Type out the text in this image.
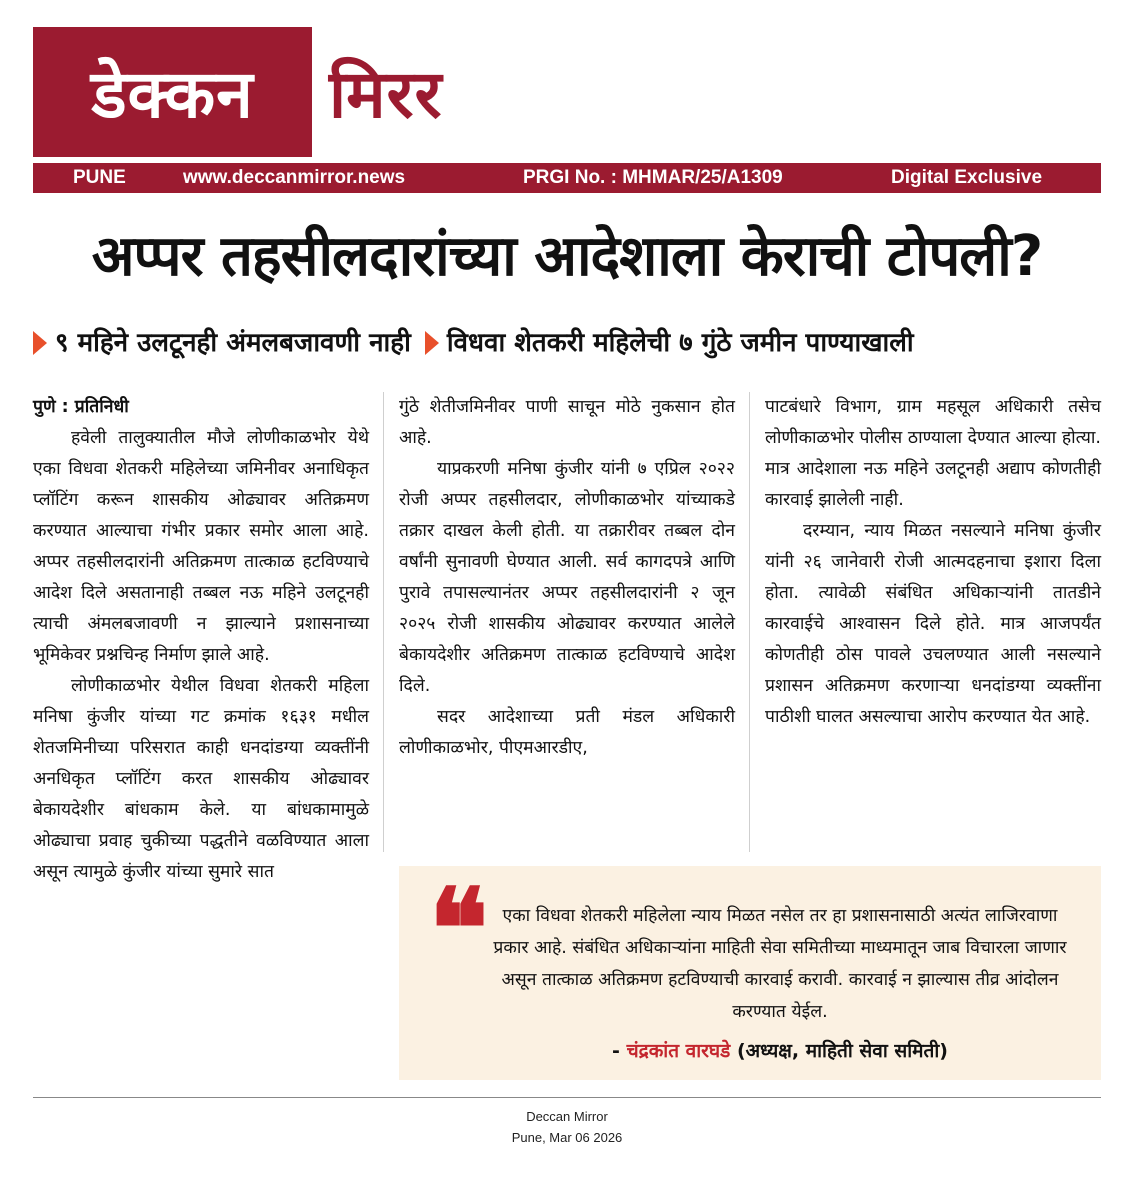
डेक्कन मिरर
PUNE	www.deccanmirror.news	PRGI No. : MHMAR/25/A1309	Digital Exclusive
अप्पर तहसीलदारांच्या आदेशाला केराची टोपली?
९ महिने उलटूनही अंमलबजावणी नाही विधवा शेतकरी महिलेची ७ गुंठे जमीन पाण्याखाली

पुणे : प्रतिनिधी

हवेली तालुक्यातील मौजे लोणीकाळभोर येथे एका विधवा शेतकरी महिलेच्या जमिनीवर अनाधिकृत प्लॉटिंग करून शासकीय ओढ्यावर अतिक्रमण करण्यात आल्याचा गंभीर प्रकार समोर आला आहे. अप्पर तहसीलदारांनी अतिक्रमण तात्काळ हटविण्याचे आदेश दिले असतानाही तब्बल नऊ महिने उलटूनही त्याची अंमलबजावणी न झाल्याने प्रशासनाच्या भूमिकेवर प्रश्नचिन्ह निर्माण झाले आहे.

लोणीकाळभोर येथील विधवा शेतकरी महिला मनिषा कुंजीर यांच्या गट क्रमांक १६३१ मधील शेतजमिनीच्या परिसरात काही धनदांडग्या व्यक्तींनी अनधिकृत प्लॉटिंग करत शासकीय ओढ्यावर बेकायदेशीर बांधकाम केले. या बांधकामामुळे ओढ्याचा प्रवाह चुकीच्या पद्धतीने वळविण्यात आला असून त्यामुळे कुंजीर यांच्या सुमारे सात

गुंठे शेतीजमिनीवर पाणी साचून मोठे नुकसान होत आहे.

याप्रकरणी मनिषा कुंजीर यांनी ७ एप्रिल २०२२ रोजी अप्पर तहसीलदार, लोणीकाळभोर यांच्याकडे तक्रार दाखल केली होती. या तक्रारीवर तब्बल दोन वर्षांनी सुनावणी घेण्यात आली. सर्व कागदपत्रे आणि पुरावे तपासल्यानंतर अप्पर तहसीलदारांनी २ जून २०२५ रोजी शासकीय ओढ्यावर करण्यात आलेले बेकायदेशीर अतिक्रमण तात्काळ हटविण्याचे आदेश दिले.

सदर आदेशाच्या प्रती मंडल अधिकारी लोणीकाळभोर, पीएमआरडीए,

पाटबंधारे विभाग, ग्राम महसूल अधिकारी तसेच लोणीकाळभोर पोलीस ठाण्याला देण्यात आल्या होत्या. मात्र आदेशाला नऊ महिने उलटूनही अद्याप कोणतीही कारवाई झालेली नाही.

दरम्यान, न्याय मिळत नसल्याने मनिषा कुंजीर यांनी २६ जानेवारी रोजी आत्मदहनाचा इशारा दिला होता. त्यावेळी संबंधित अधिकाऱ्यांनी तातडीने कारवाईचे आश्वासन दिले होते. मात्र आजपर्यंत कोणतीही ठोस पावले उचलण्यात आली नसल्याने प्रशासन अतिक्रमण करणाऱ्या धनदांडग्या व्यक्तींना पाठीशी घालत असल्याचा आरोप करण्यात येत आहे.

❝ एका विधवा शेतकरी महिलेला न्याय मिळत नसेल तर हा प्रशासनासाठी अत्यंत लाजिरवाणा प्रकार आहे. संबंधित अधिकाऱ्यांना माहिती सेवा समितीच्या माध्यमातून जाब विचारला जाणार असून तात्काळ अतिक्रमण हटविण्याची कारवाई करावी. कारवाई न झाल्यास तीव्र आंदोलन करण्यात येईल.
- चंद्रकांत वारघडे (अध्यक्ष, माहिती सेवा समिती)
Deccan Mirror
Pune, Mar 06 2026
